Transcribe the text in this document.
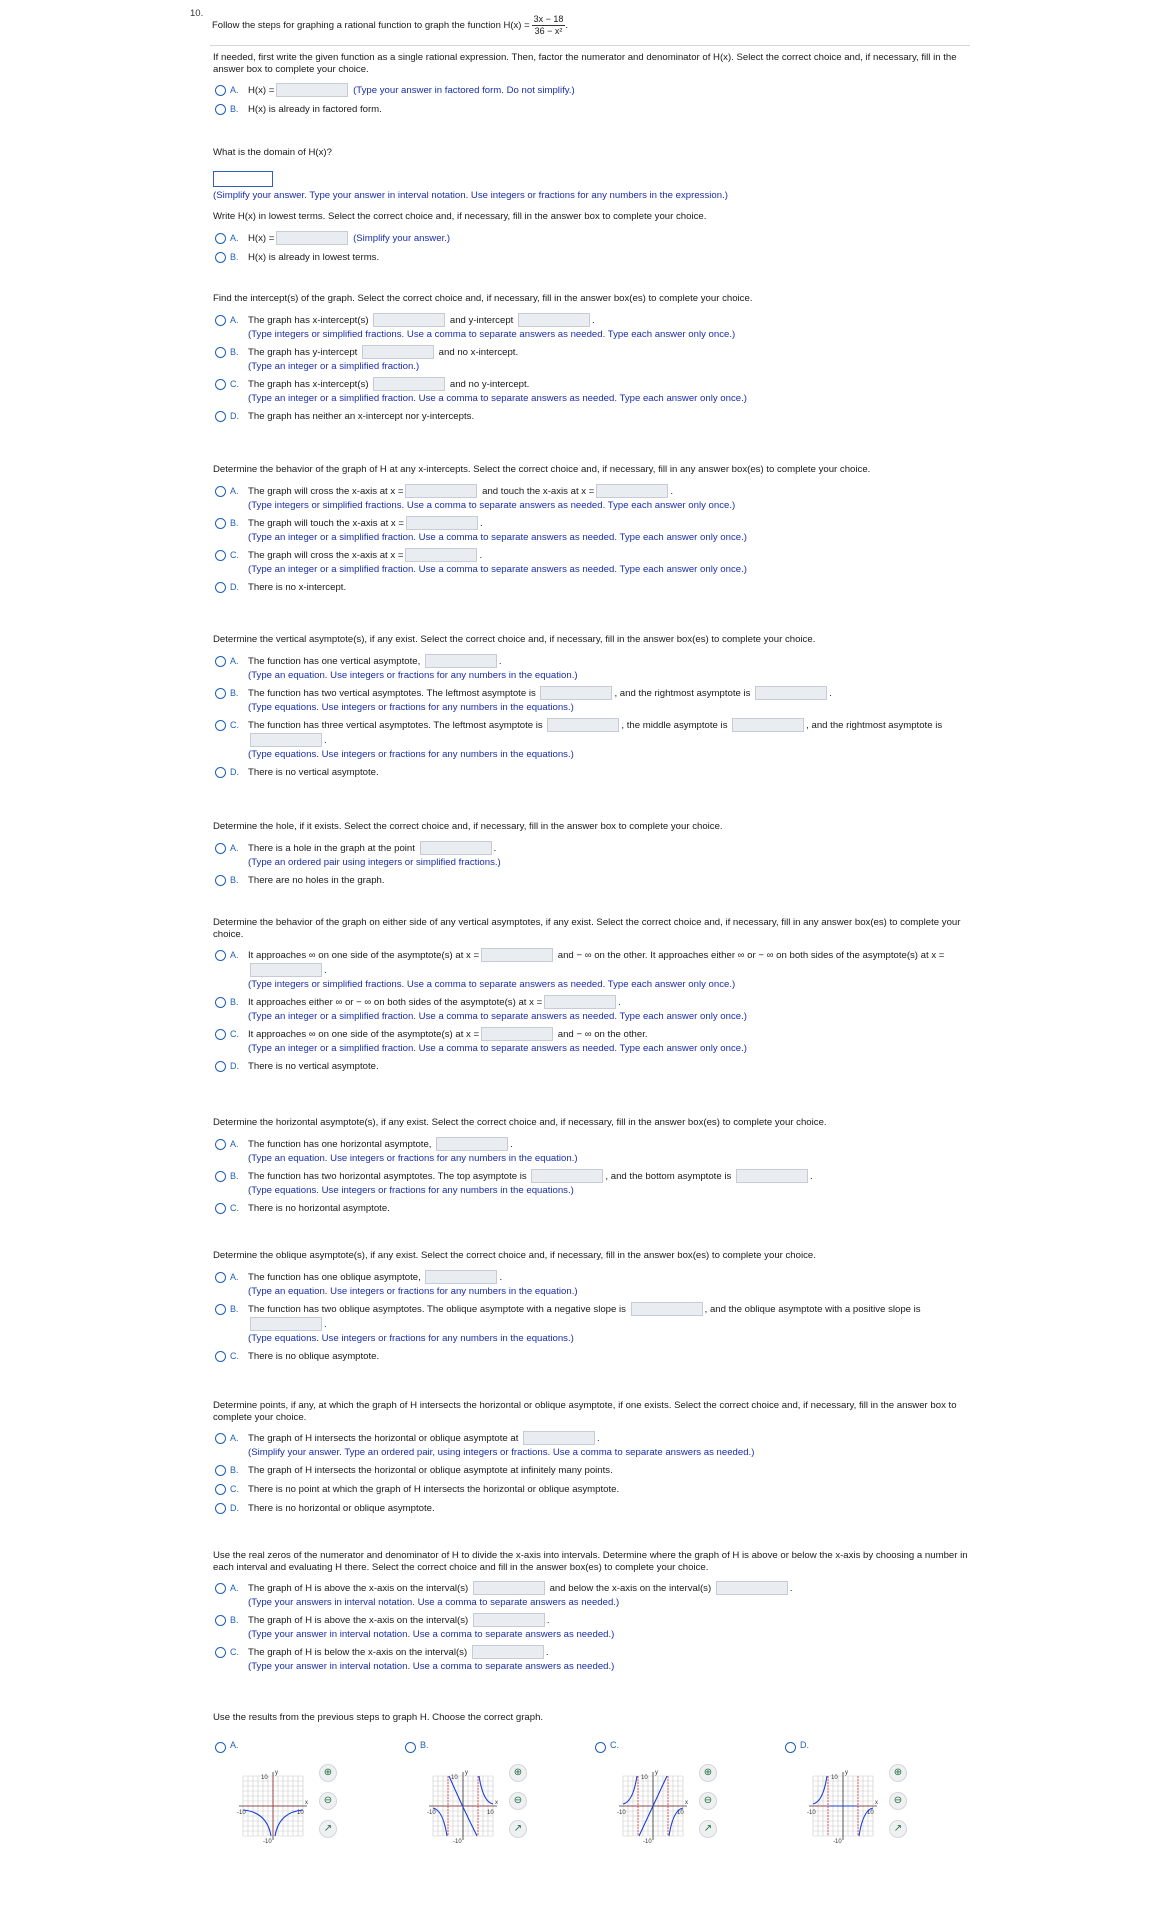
10.
Follow the steps for graphing a rational function to graph the function $H(x) = \frac{3x - 18}{\text{36 − x²}}$ .
If needed, first write the given function as a single rational expression. Then, factor the numerator and denominator of H(x). Select the correct choice and, if necessary, fill in the answer box to complete your choice.
A. H(x) =	(Type your answer in factored form. Do not simplify.)
B. H(x) is already in factored form.
What is the domain of H(x)?
(Simplify your answer. Type your answer in interval notation. Use integers or fractions for any numbers in the expression.)
Write H(x) in lowest terms. Select the correct choice and, if necessary, fill in the answer box to complete your choice.
A. H(x) =	(Simplify your answer.)
B. H(x) is already in lowest terms.
Find the intercept(s) of the graph. Select the correct choice and, if necessary, fill in the answer box(es) to complete your choice.
A. The graph has x-intercept(s)	and y-intercept	.
(Type integers or simplified fractions. Use a comma to separate answers as needed. Type each answer only once.)
B. The graph has y-intercept	and no x-intercept.
(Type an integer or a simplified fraction.)
C. The graph has x-intercept(s)	and no y-intercept.
(Type an integer or a simplified fraction. Use a comma to separate answers as needed. Type each answer only once.)
D. The graph has neither an x-intercept nor y-intercepts.
Determine the behavior of the graph of H at any x-intercepts. Select the correct choice and, if necessary, fill in any answer box(es) to complete your choice.
A. The graph will cross the x-axis at x =	and touch the x-axis at x =	.
(Type integers or simplified fractions. Use a comma to separate answers as needed. Type each answer only once.)
B. The graph will touch the x-axis at x =	.
(Type an integer or a simplified fraction. Use a comma to separate answers as needed. Type each answer only once.)
C. The graph will cross the x-axis at x =	.
(Type an integer or a simplified fraction. Use a comma to separate answers as needed. Type each answer only once.)
D. There is no x-intercept.
Determine the vertical asymptote(s), if any exist. Select the correct choice and, if necessary, fill in the answer box(es) to complete your choice.
A. The function has one vertical asymptote,	.
(Type an equation. Use integers or fractions for any numbers in the equation.)
B. The function has two vertical asymptotes. The leftmost asymptote is	, and the rightmost asymptote is	.
(Type equations. Use integers or fractions for any numbers in the equations.)
C. The function has three vertical asymptotes. The leftmost asymptote is	, the middle asymptote is	, and the rightmost asymptote is .
(Type equations. Use integers or fractions for any numbers in the equations.)
D. There is no vertical asymptote.
Determine the hole, if it exists. Select the correct choice and, if necessary, fill in the answer box to complete your choice.
A. There is a hole in the graph at the point	.
(Type an ordered pair using integers or simplified fractions.)
B. There are no holes in the graph.
Determine the behavior of the graph on either side of any vertical asymptotes, if any exist. Select the correct choice and, if necessary, fill in any answer box(es) to complete your choice.
A. It approaches ∞ on one side of the asymptote(s) at x =	and − ∞ on the other. It approaches either ∞ or − ∞ on both sides of the asymptote(s) at x =.
(Type integers or simplified fractions. Use a comma to separate answers as needed. Type each answer only once.)
B. It approaches either ∞ or − ∞ on both sides of the asymptote(s) at x =	.
(Type an integer or a simplified fraction. Use a comma to separate answers as needed. Type each answer only once.)
C. It approaches ∞ on one side of the asymptote(s) at x =	and − ∞ on the other.
(Type an integer or a simplified fraction. Use a comma to separate answers as needed. Type each answer only once.)
D. There is no vertical asymptote.
Determine the horizontal asymptote(s), if any exist. Select the correct choice and, if necessary, fill in the answer box(es) to complete your choice.
A. The function has one horizontal asymptote,	.
(Type an equation. Use integers or fractions for any numbers in the equation.)
B. The function has two horizontal asymptotes. The top asymptote is	, and the bottom asymptote is	.
(Type equations. Use integers or fractions for any numbers in the equations.)
C. There is no horizontal asymptote.
Determine the oblique asymptote(s), if any exist. Select the correct choice and, if necessary, fill in the answer box(es) to complete your choice.
A. The function has one oblique asymptote,	.
(Type an equation. Use integers or fractions for any numbers in the equation.)
B. The function has two oblique asymptotes. The oblique asymptote with a negative slope is	, and the oblique asymptote with a positive slope is .
(Type equations. Use integers or fractions for any numbers in the equations.)
C. There is no oblique asymptote.
Determine points, if any, at which the graph of H intersects the horizontal or oblique asymptote, if one exists. Select the correct choice and, if necessary, fill in the answer box to complete your choice.
A. The graph of H intersects the horizontal or oblique asymptote at	.
(Simplify your answer. Type an ordered pair, using integers or fractions. Use a comma to separate answers as needed.)
B. The graph of H intersects the horizontal or oblique asymptote at infinitely many points.
C. There is no point at which the graph of H intersects the horizontal or oblique asymptote.
D. There is no horizontal or oblique asymptote.
Use the real zeros of the numerator and denominator of H to divide the x-axis into intervals. Determine where the graph of H is above or below the x-axis by choosing a number in each interval and evaluating H there. Select the correct choice and fill in the answer box(es) to complete your choice.
A. The graph of H is above the x-axis on the interval(s)	and below the x-axis on the interval(s)	.
(Type your answers in interval notation. Use a comma to separate answers as needed.)
B. The graph of H is above the x-axis on the interval(s)	.
(Type your answer in interval notation. Use a comma to separate answers as needed.)
C. The graph of H is below the x-axis on the interval(s)	.
(Type your answer in interval notation. Use a comma to separate answers as needed.)
Use the results from the previous steps to graph H. Choose the correct graph.
A.
10
y
x
-10	10
-10
⊕
⊖
↗
B.
10
y
x
-10	10
-10
⊕
⊖
↗
C.
10
y
x
-10	10
-10
⊕
⊖
↗
D.
10
y
x
-10	10
-10
⊕
⊖
↗
